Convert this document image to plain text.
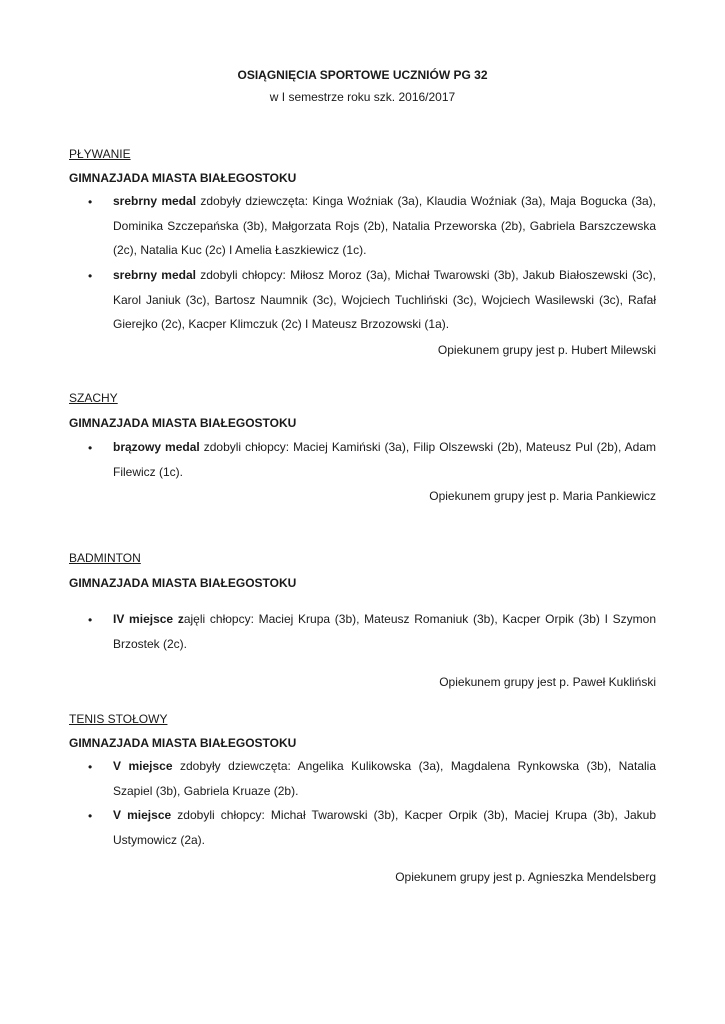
OSIĄGNIĘCIA SPORTOWE UCZNIÓW PG 32
w I semestrze roku szk. 2016/2017
PŁYWANIE
GIMNAZJADA MIASTA BIAŁEGOSTOKU
• srebrny medal zdobyły dziewczęta: Kinga Woźniak (3a), Klaudia Woźniak (3a), Maja Bogucka (3a), Dominika Szczepańska (3b), Małgorzata Rojs (2b), Natalia Przeworska (2b), Gabriela Barszczewska (2c), Natalia Kuc (2c) I Amelia Łaszkiewicz (1c).
• srebrny medal zdobyli chłopcy: Miłosz Moroz (3a), Michał Twarowski (3b), Jakub Białoszewski (3c), Karol Janiuk (3c), Bartosz Naumnik (3c), Wojciech Tuchliński (3c), Wojciech Wasilewski (3c), Rafał Gierejko (2c), Kacper Klimczuk (2c) I Mateusz Brzozowski (1a).
Opiekunem grupy jest p. Hubert Milewski
SZACHY
GIMNAZJADA MIASTA BIAŁEGOSTOKU
• brązowy medal zdobyli chłopcy: Maciej Kamiński (3a), Filip Olszewski (2b), Mateusz Pul (2b), Adam Filewicz (1c).
Opiekunem grupy jest p. Maria Pankiewicz
BADMINTON
GIMNAZJADA MIASTA BIAŁEGOSTOKU
• IV miejsce zajęli chłopcy: Maciej Krupa (3b), Mateusz Romaniuk (3b), Kacper Orpik (3b) I Szymon Brzostek (2c).
Opiekunem grupy jest p. Paweł Kukliński
TENIS STOŁOWY
GIMNAZJADA MIASTA BIAŁEGOSTOKU
• V miejsce zdobyły dziewczęta: Angelika Kulikowska (3a), Magdalena Rynkowska (3b), Natalia Szapiel (3b), Gabriela Kruaze (2b).
• V miejsce zdobyli chłopcy: Michał Twarowski (3b), Kacper Orpik (3b), Maciej Krupa (3b), Jakub Ustymowicz (2a).
Opiekunem grupy jest p. Agnieszka Mendelsberg
